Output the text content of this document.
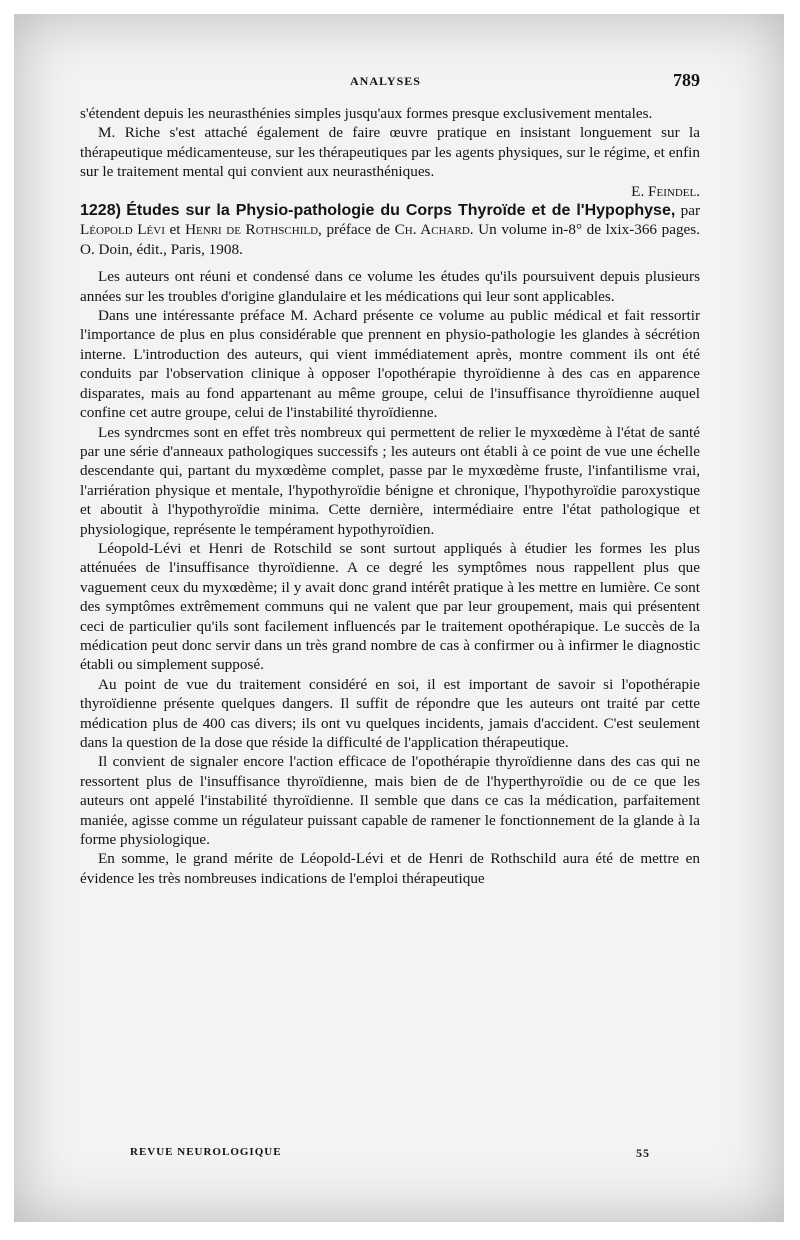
ANALYSES	789

s'étendent depuis les neurasthénies simples jusqu'aux formes presque exclusivement mentales.

M. Riche s'est attaché également de faire œuvre pratique en insistant longuement sur la thérapeutique médicamenteuse, sur les thérapeutiques par les agents physiques, sur le régime, et enfin sur le traitement mental qui convient aux neurasthéniques.

E. Feindel.

1228) Études sur la Physio-pathologie du Corps Thyroïde et de l'Hypophyse, par Léopold Lévi et Henri de Rothschild, préface de Ch. Achard. Un volume in-8° de lxix-366 pages. O. Doin, édit., Paris, 1908.

Les auteurs ont réuni et condensé dans ce volume les études qu'ils poursuivent depuis plusieurs années sur les troubles d'origine glandulaire et les médications qui leur sont applicables.

Dans une intéressante préface M. Achard présente ce volume au public médical et fait ressortir l'importance de plus en plus considérable que prennent en physio-pathologie les glandes à sécrétion interne. L'introduction des auteurs, qui vient immédiatement après, montre comment ils ont été conduits par l'observation clinique à opposer l'opothérapie thyroïdienne à des cas en apparence disparates, mais au fond appartenant au même groupe, celui de l'insuffisance thyroïdienne auquel confine cet autre groupe, celui de l'instabilité thyroïdienne.

Les syndrcmes sont en effet très nombreux qui permettent de relier le myxœdème à l'état de santé par une série d'anneaux pathologiques successifs ; les auteurs ont établi à ce point de vue une échelle descendante qui, partant du myxœdème complet, passe par le myxœdème fruste, l'infantilisme vrai, l'arriération physique et mentale, l'hypothyroïdie bénigne et chronique, l'hypothyroïdie paroxystique et aboutit à l'hypothyroïdie minima. Cette dernière, intermédiaire entre l'état pathologique et physiologique, représente le tempérament hypothyroïdien.

Léopold-Lévi et Henri de Rotschild se sont surtout appliqués à étudier les formes les plus atténuées de l'insuffisance thyroïdienne. A ce degré les symptômes nous rappellent plus que vaguement ceux du myxœdème; il y avait donc grand intérêt pratique à les mettre en lumière. Ce sont des symptômes extrêmement communs qui ne valent que par leur groupement, mais qui présentent ceci de particulier qu'ils sont facilement influencés par le traitement opothérapique. Le succès de la médication peut donc servir dans un très grand nombre de cas à confirmer ou à infirmer le diagnostic établi ou simplement supposé.

Au point de vue du traitement considéré en soi, il est important de savoir si l'opothérapie thyroïdienne présente quelques dangers. Il suffit de répondre que les auteurs ont traité par cette médication plus de 400 cas divers; ils ont vu quelques incidents, jamais d'accident. C'est seulement dans la question de la dose que réside la difficulté de l'application thérapeutique.

Il convient de signaler encore l'action efficace de l'opothérapie thyroïdienne dans des cas qui ne ressortent plus de l'insuffisance thyroïdienne, mais bien de de l'hyperthyroïdie ou de ce que les auteurs ont appelé l'instabilité thyroïdienne. Il semble que dans ce cas la médication, parfaitement maniée, agisse comme un régulateur puissant capable de ramener le fonctionnement de la glande à la forme physiologique.

En somme, le grand mérite de Léopold-Lévi et de Henri de Rothschild aura été de mettre en évidence les très nombreuses indications de l'emploi thérapeutique

REVUE NEUROLOGIQUE	55
